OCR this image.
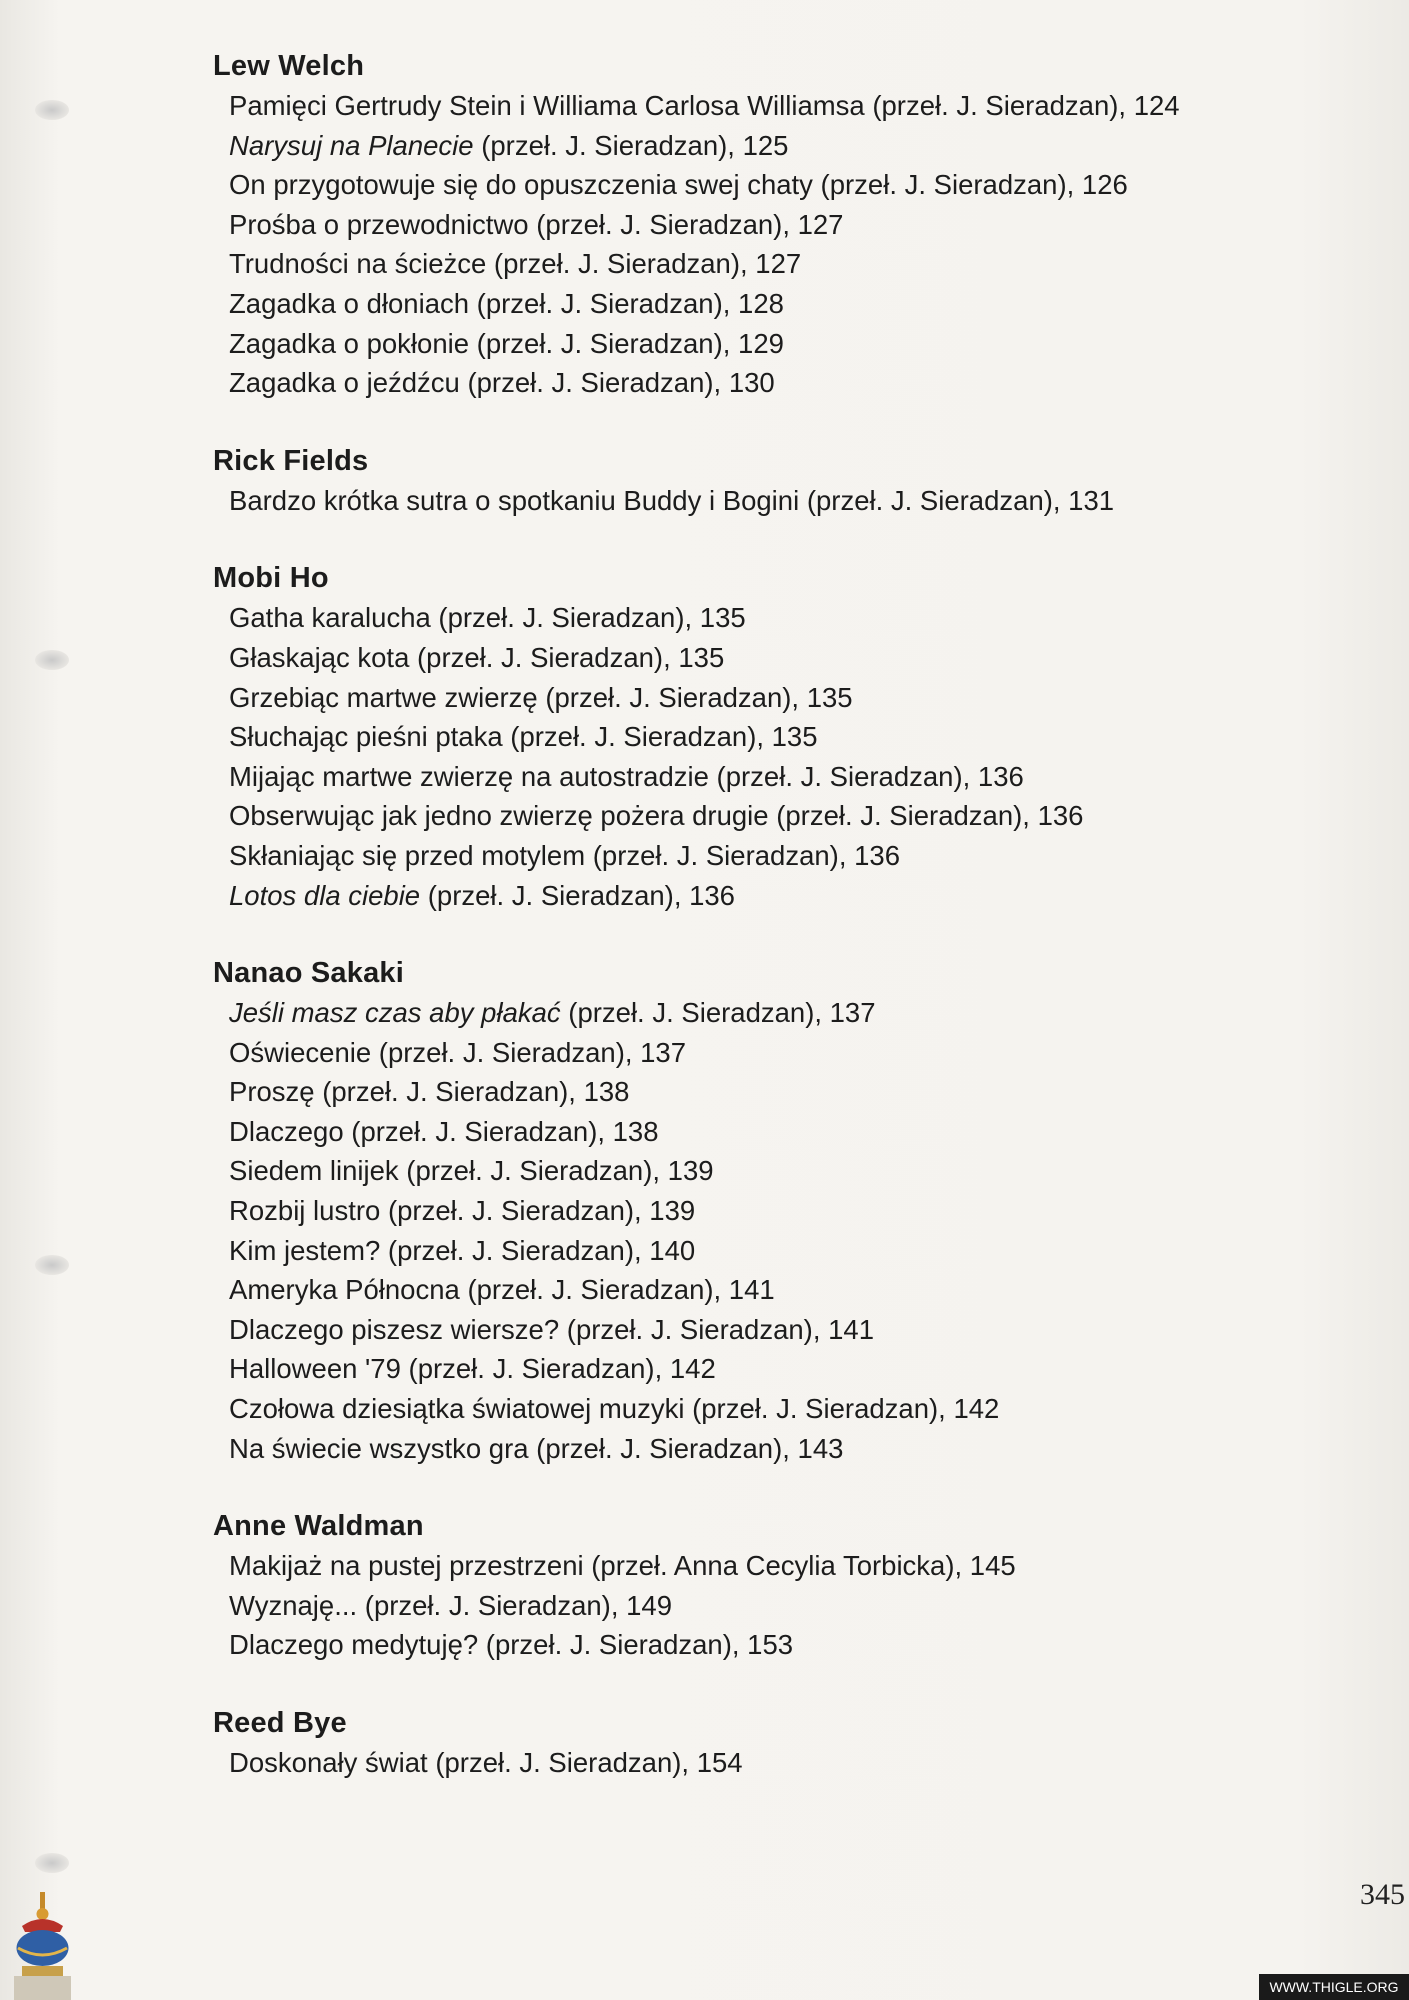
Lew Welch
Pamięci Gertrudy Stein i Williama Carlosa Williamsa (przeł. J. Sieradzan), 124
Narysuj na Planecie (przeł. J. Sieradzan), 125
On przygotowuje się do opuszczenia swej chaty (przeł. J. Sieradzan), 126
Prośba o przewodnictwo (przeł. J. Sieradzan), 127
Trudności na ścieżce (przeł. J. Sieradzan), 127
Zagadka o dłoniach (przeł. J. Sieradzan), 128
Zagadka o pokłonie (przeł. J. Sieradzan), 129
Zagadka o jeźdźcu (przeł. J. Sieradzan), 130
Rick Fields
Bardzo krótka sutra o spotkaniu Buddy i Bogini (przeł. J. Sieradzan), 131
Mobi Ho
Gatha karalucha (przeł. J. Sieradzan), 135
Głaskając kota (przeł. J. Sieradzan), 135
Grzebiąc martwe zwierzę (przeł. J. Sieradzan), 135
Słuchając pieśni ptaka (przeł. J. Sieradzan), 135
Mijając martwe zwierzę na autostradzie (przeł. J. Sieradzan), 136
Obserwując jak jedno zwierzę pożera drugie (przeł. J. Sieradzan), 136
Skłaniając się przed motylem (przeł. J. Sieradzan), 136
Lotos dla ciebie (przeł. J. Sieradzan), 136
Nanao Sakaki
Jeśli masz czas aby płakać (przeł. J. Sieradzan), 137
Oświecenie (przeł. J. Sieradzan), 137
Proszę (przeł. J. Sieradzan), 138
Dlaczego (przeł. J. Sieradzan), 138
Siedem linijek (przeł. J. Sieradzan), 139
Rozbij lustro (przeł. J. Sieradzan), 139
Kim jestem? (przeł. J. Sieradzan), 140
Ameryka Północna (przeł. J. Sieradzan), 141
Dlaczego piszesz wiersze? (przeł. J. Sieradzan), 141
Halloween '79 (przeł. J. Sieradzan), 142
Czołowa dziesiątka światowej muzyki (przeł. J. Sieradzan), 142
Na świecie wszystko gra (przeł. J. Sieradzan), 143
Anne Waldman
Makijaż na pustej przestrzeni (przeł. Anna Cecylia Torbicka), 145
Wyznaję... (przeł. J. Sieradzan), 149
Dlaczego medytuję? (przeł. J. Sieradzan), 153
Reed Bye
Doskonały świat (przeł. J. Sieradzan), 154
345
WWW.THIGLE.ORG
